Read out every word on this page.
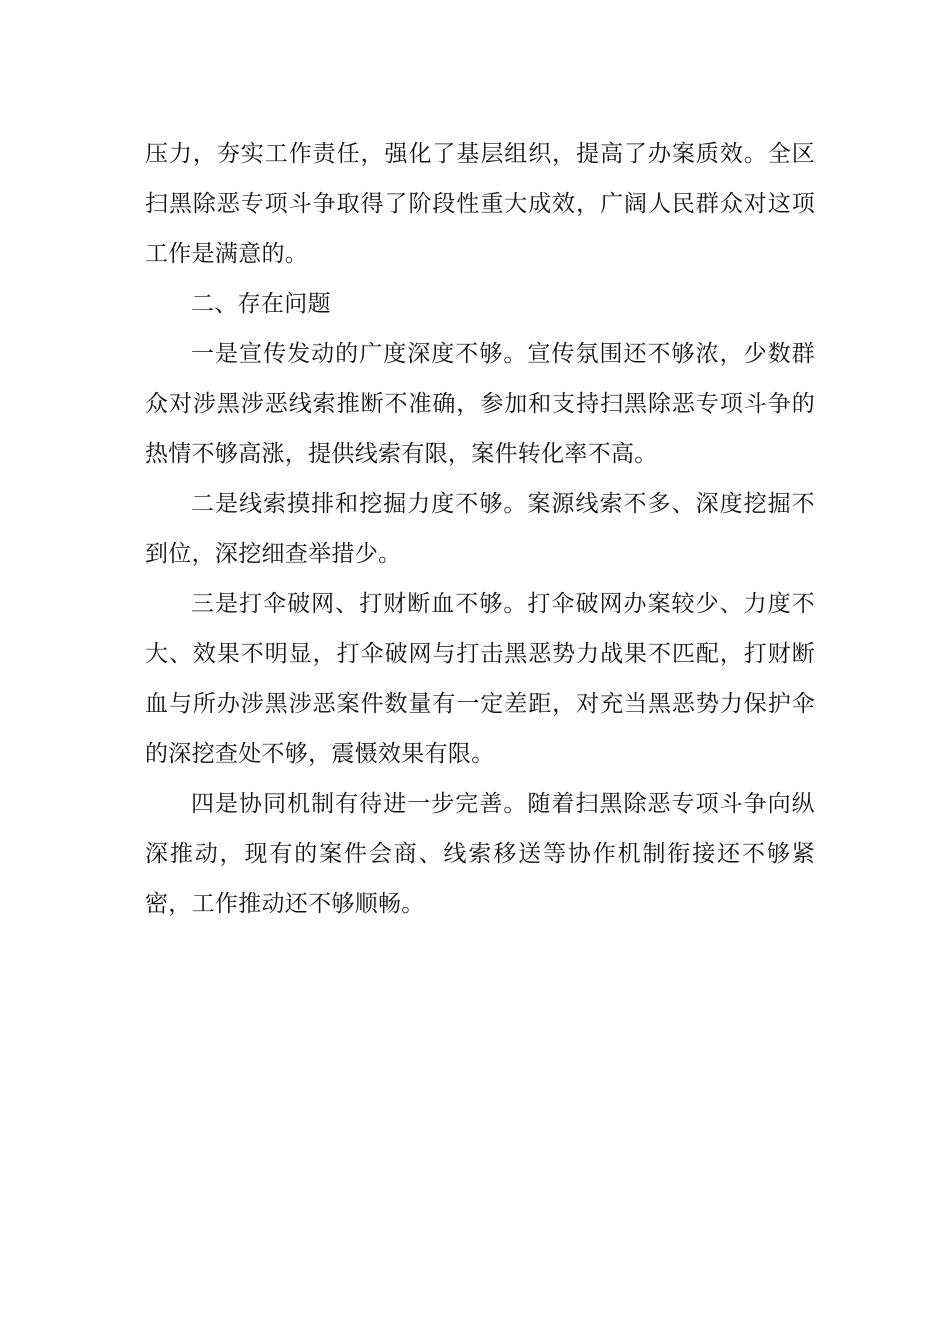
压力，夯实工作责任，强化了基层组织，提高了办案质效。全区扫黑除恶专项斗争取得了阶段性重大成效，广阔人民群众对这项工作是满意的。

二、存在问题

一是宣传发动的广度深度不够。宣传氛围还不够浓，少数群众对涉黑涉恶线索推断不准确，参加和支持扫黑除恶专项斗争的热情不够高涨，提供线索有限，案件转化率不高。

二是线索摸排和挖掘力度不够。案源线索不多、深度挖掘不到位，深挖细查举措少。

三是打伞破网、打财断血不够。打伞破网办案较少、力度不大、效果不明显，打伞破网与打击黑恶势力战果不匹配，打财断血与所办涉黑涉恶案件数量有一定差距，对充当黑恶势力保护伞的深挖查处不够，震慑效果有限。

四是协同机制有待进一步完善。随着扫黑除恶专项斗争向纵深推动，现有的案件会商、线索移送等协作机制衔接还不够紧密，工作推动还不够顺畅。
